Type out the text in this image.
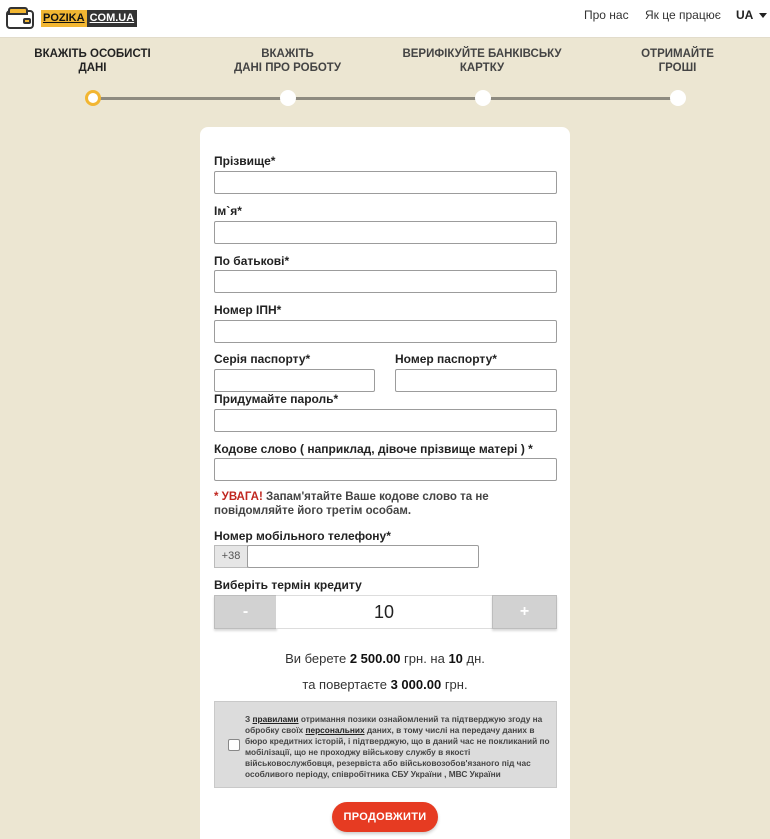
POZIKA COM.UA	Про нас Як це працює UA
ВКАЖІТЬ ОСОБИСТІ
ДАНІ
ВКАЖІТЬ
ДАНІ ПРО РОБОТУ
ВЕРИФІКУЙТЕ БАНКІВСЬКУ
КАРТКУ
ОТРИМАЙТЕ
ГРОШІ
Прізвище*
Ім`я*
По батькові*
Номер ІПН*
Серія паспорту*	Номер паспорту*
Придумайте пароль*
Кодове слово ( наприклад, дівоче прізвище матері ) *
* УВАГА! Запам'ятайте Ваше кодове слово та не повідомляйте його третім особам.
Номер мобільного телефону*
+38
Виберіть термін кредиту
-	10	+
Ви берете 2 500.00 грн. на 10 дн.
та повертаєте 3 000.00 грн.
З правилами отримання позики ознайомлений та підтверджую згоду на обробку своїх персональних даних, в тому числі на передачу даних в бюро кредитних історій, і підтверджую, що в даний час не покликаний по мобілізації, що не проходжу військову службу в якості військовослужбовця, резервіста або військовозобов'язаного під час особливого періоду, співробітника СБУ України , МВС України
ПРОДОВЖИТИ
